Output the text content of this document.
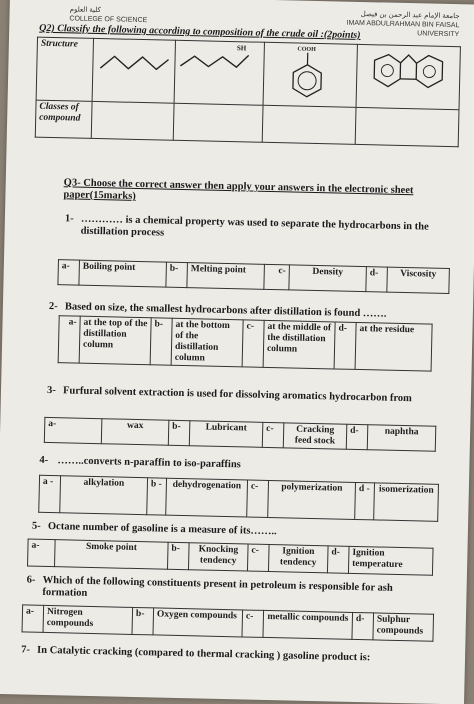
كلية العلوم
COLLEGE OF SCIENCE	جامعة الإمام عبد الرحمن بن فيصل
IMAM ABDULRAHMAN BIN FAISAL UNIVERSITY
Q2) Classify the following according to composition of the crude oil :(2points)
Structure		SH	COOH

Classes of compound				
Q3- Choose the correct answer then apply your answers in the electronic sheet paper(15marks)
1- ………… is a chemical property was used to separate the hydrocarbons in the distillation process
a-	Boiling point	b-	Melting point	c-	Density	d-	Viscosity
2- Based on size, the smallest hydrocarbons after distillation is found …….
a-	at the top of the distillation column	b-	at the bottom of the distillation column	c-	at the middle of the distillation column	d-	at the residue
3- Furfural solvent extraction is used for dissolving aromatics hydrocarbon from
a-	wax	b-	Lubricant	c-	Cracking feed stock	d-	naphtha
4- ……..converts n-paraffin to iso-paraffins
a -	alkylation	b -	dehydrogenation	c-	polymerization	d -	isomerization
5- Octane number of gasoline is a measure of its……..
a-	Smoke point	b-	Knocking tendency	c-	Ignition tendency	d-	Ignition temperature
6- Which of the following constituents present in petroleum is responsible for ash formation
a-	Nitrogen compounds	b-	Oxygen compounds	c-	metallic compounds	d-	Sulphur compounds
7- In Catalytic cracking (compared to thermal cracking ) gasoline product is:
